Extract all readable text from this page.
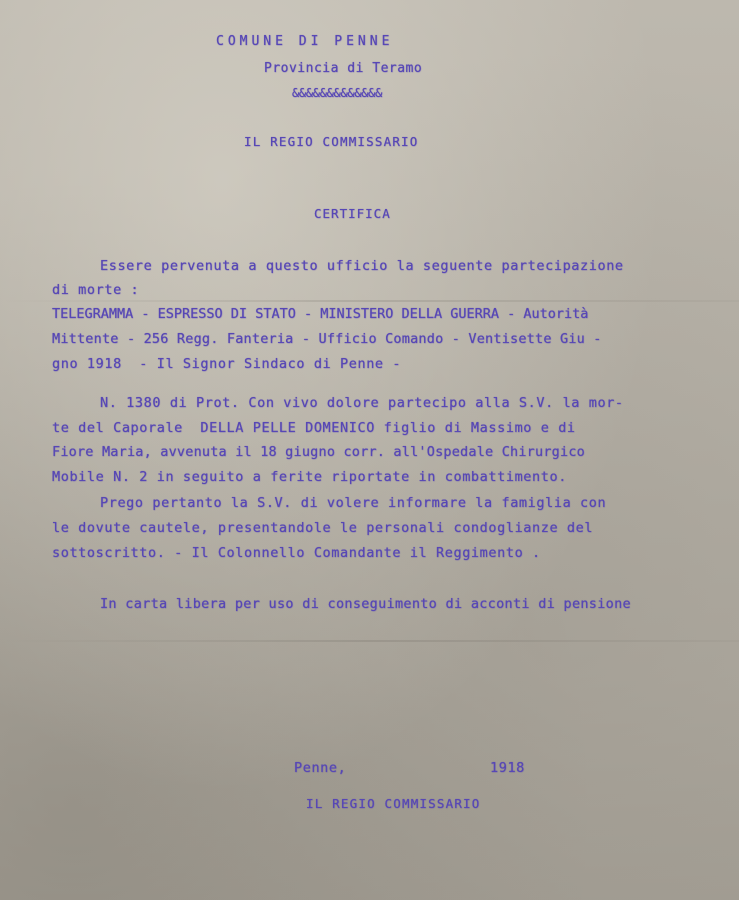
COMUNE DI PENNE

Provincia di Teramo

&&&&&&&&&&&&&

IL REGIO COMMISSARIO

CERTIFICA

Essere pervenuta a questo ufficio la seguente partecipazione

di morte :

TELEGRAMMA - ESPRESSO DI STATO - MINISTERO DELLA GUERRA - Autorità

Mittente - 256 Regg. Fanteria - Ufficio Comando - Ventisette Giu -

gno 1918  - Il Signor Sindaco di Penne -

N. 1380 di Prot. Con vivo dolore partecipo alla S.V. la mor-

te del Caporale  DELLA PELLE DOMENICO figlio di Massimo e di

Fiore Maria, avvenuta il 18 giugno corr. all'Ospedale Chirurgico

Mobile N. 2 in seguito a ferite riportate in combattimento.

Prego pertanto la S.V. di volere informare la famiglia con

le dovute cautele, presentandole le personali condoglianze del

sottoscritto. - Il Colonnello Comandante il Reggimento .

In carta libera per uso di conseguimento di acconti di pensione

Penne,	1918

IL REGIO COMMISSARIO
